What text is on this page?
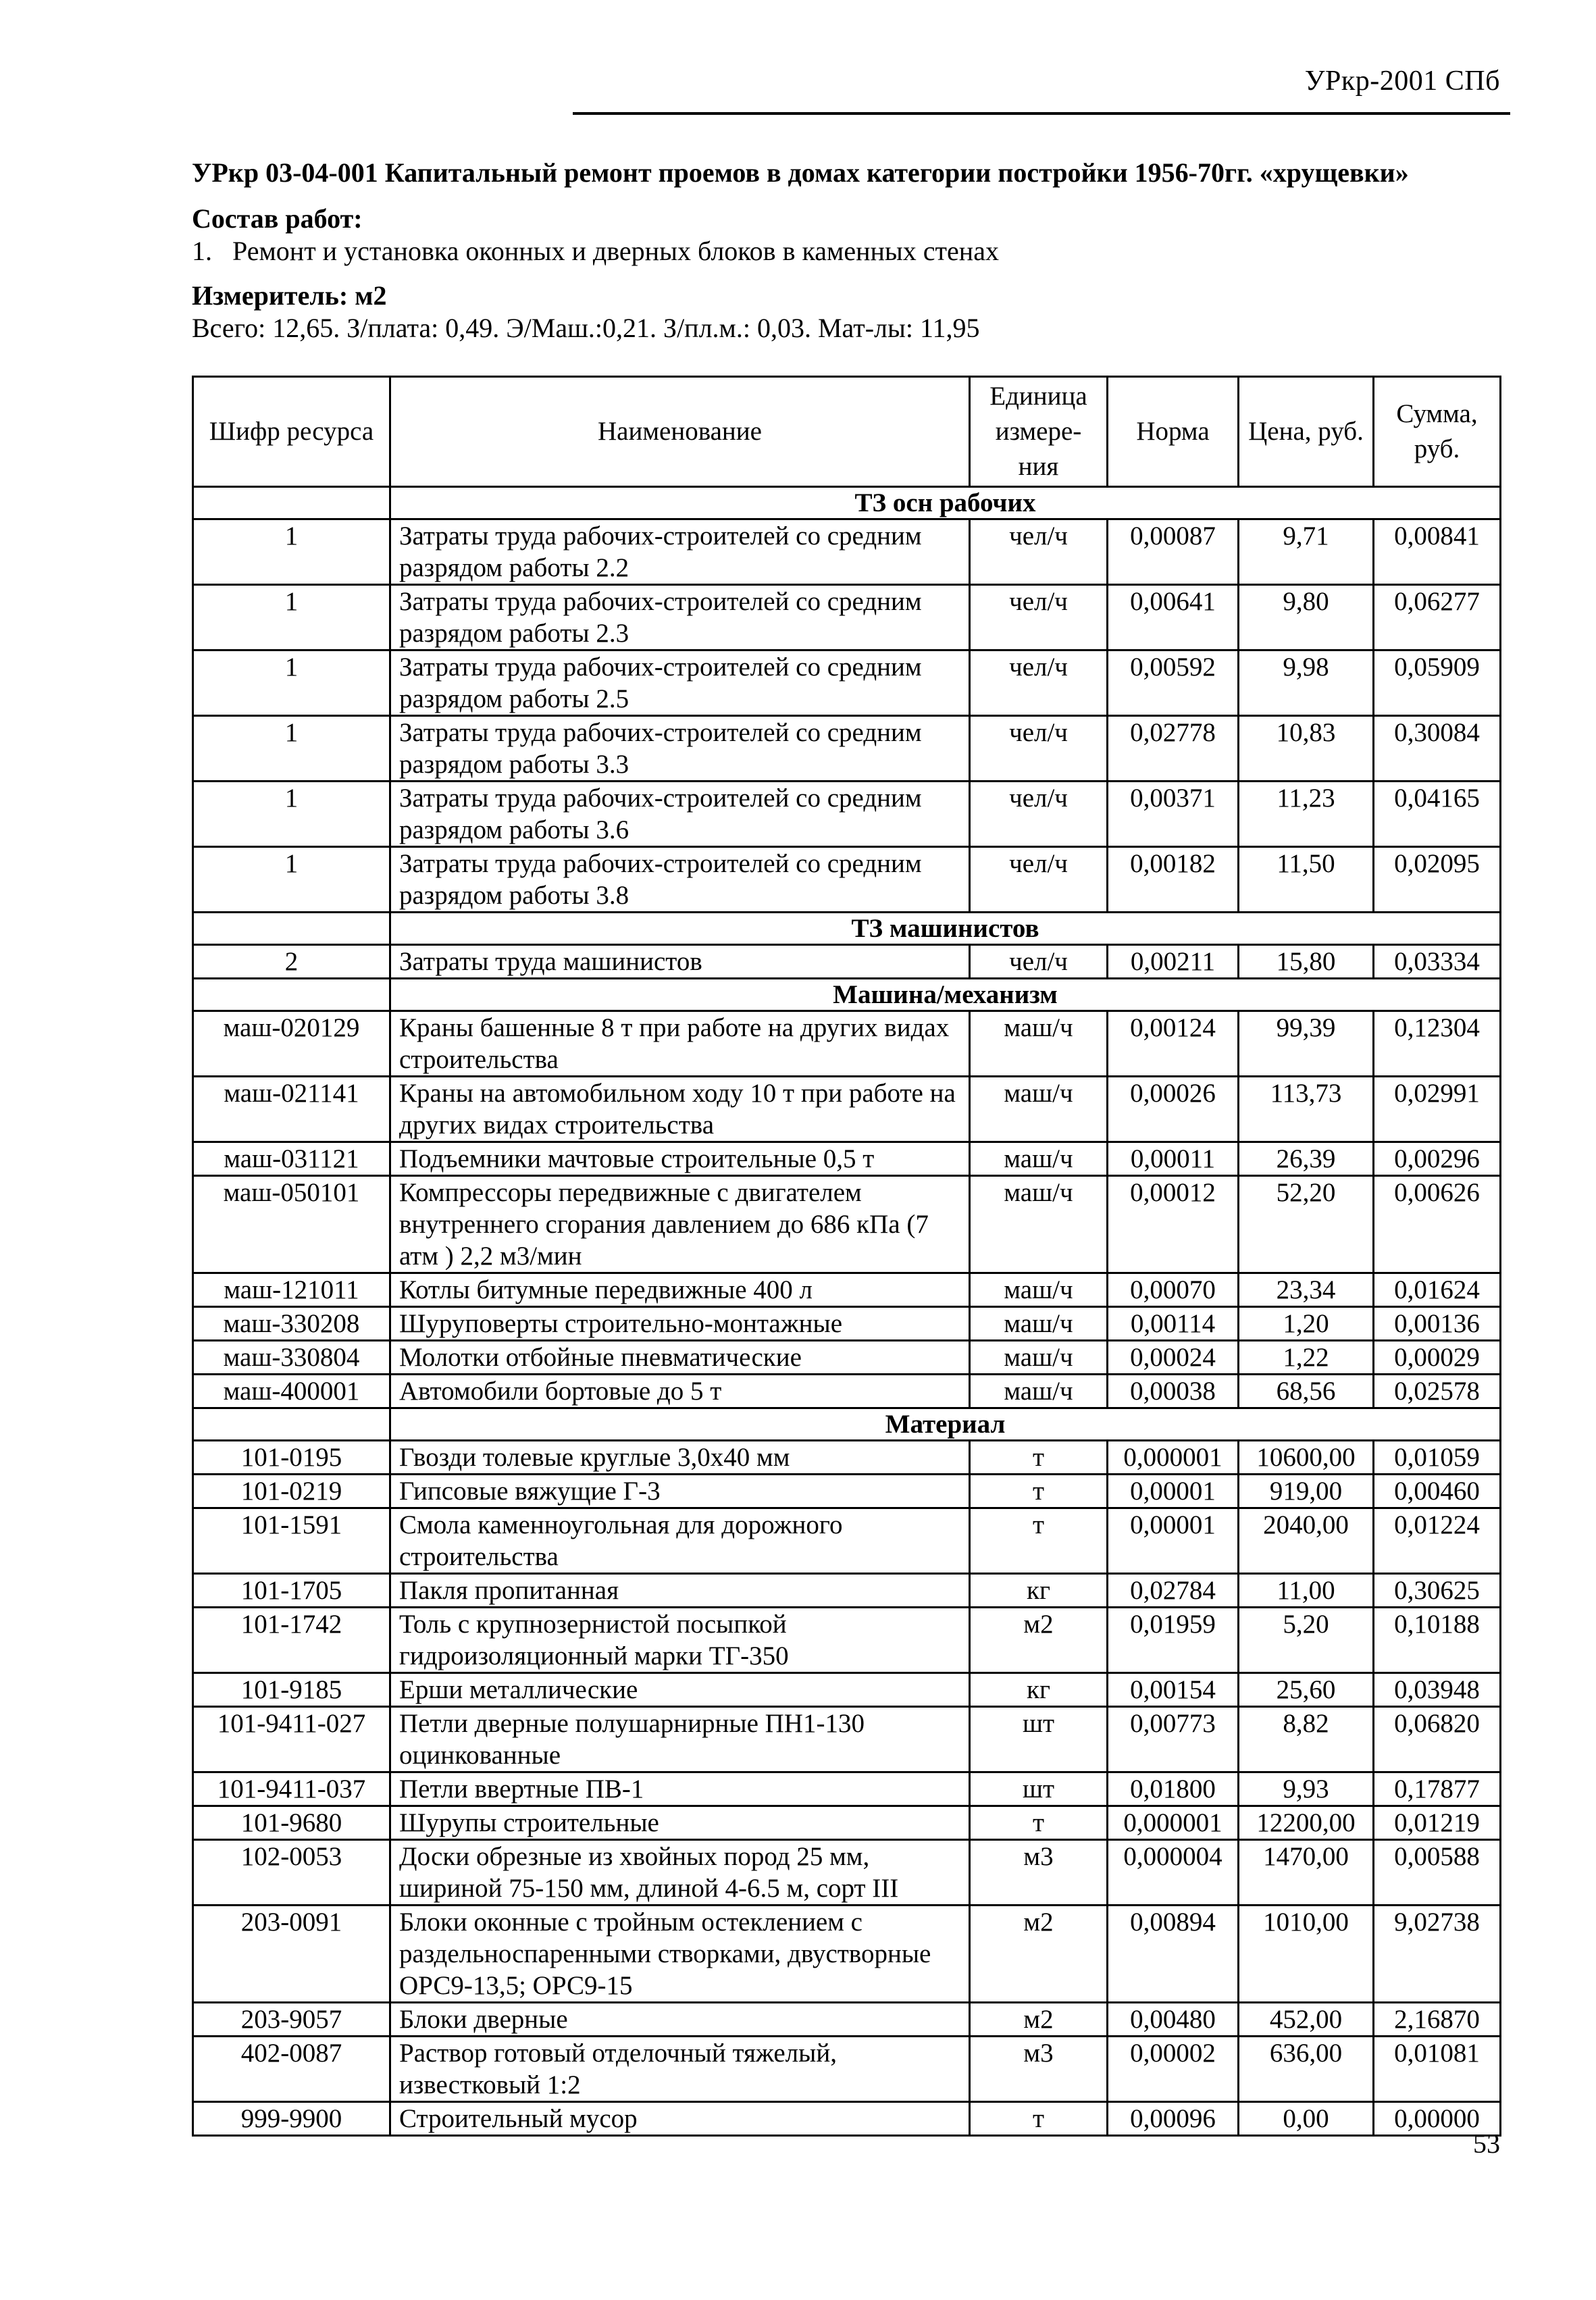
УРкр-2001 СПб
УРкр 03-04-001 Капитальный ремонт проемов в домах категории постройки 1956-70гг. «хрущевки»
Состав работ:
1.   Ремонт и установка оконных и дверных блоков в каменных стенах
Измеритель: м2
Всего: 12,65. З/плата: 0,49. Э/Маш.:0,21. З/пл.м.: 0,03. Мат-лы: 11,95
Шифр ресурса	Наименование	Единица измере-ния	Норма	Цена, руб.	Сумма, руб.
	ТЗ осн рабочих				
1	Затраты труда рабочих-строителей со средним разрядом работы 2.2	чел/ч	0,00087	9,71	0,00841
1	Затраты труда рабочих-строителей со средним разрядом работы 2.3	чел/ч	0,00641	9,80	0,06277
1	Затраты труда рабочих-строителей со средним разрядом работы 2.5	чел/ч	0,00592	9,98	0,05909
1	Затраты труда рабочих-строителей со средним разрядом работы 3.3	чел/ч	0,02778	10,83	0,30084
1	Затраты труда рабочих-строителей со средним разрядом работы 3.6	чел/ч	0,00371	11,23	0,04165
1	Затраты труда рабочих-строителей со средним разрядом работы 3.8	чел/ч	0,00182	11,50	0,02095
	ТЗ машинистов				
2	Затраты труда машинистов	чел/ч	0,00211	15,80	0,03334
	Машина/механизм				
маш-020129	Краны башенные 8 т при работе на других видах строительства	маш/ч	0,00124	99,39	0,12304
маш-021141	Краны на автомобильном ходу 10 т при работе на других видах строительства	маш/ч	0,00026	113,73	0,02991
маш-031121	Подъемники мачтовые строительные 0,5 т	маш/ч	0,00011	26,39	0,00296
маш-050101	Компрессоры передвижные с двигателем внутреннего сгорания давлением до 686 кПа (7 атм ) 2,2 м3/мин	маш/ч	0,00012	52,20	0,00626
маш-121011	Котлы битумные передвижные 400 л	маш/ч	0,00070	23,34	0,01624
маш-330208	Шуруповерты строительно-монтажные	маш/ч	0,00114	1,20	0,00136
маш-330804	Молотки отбойные пневматические	маш/ч	0,00024	1,22	0,00029
маш-400001	Автомобили бортовые до 5 т	маш/ч	0,00038	68,56	0,02578
	Материал				
101-0195	Гвозди толевые круглые 3,0х40 мм	т	0,000001	10600,00	0,01059
101-0219	Гипсовые вяжущие Г-3	т	0,00001	919,00	0,00460
101-1591	Смола каменноугольная для дорожного строительства	т	0,00001	2040,00	0,01224
101-1705	Пакля пропитанная	кг	0,02784	11,00	0,30625
101-1742	Толь с крупнозернистой посыпкой гидроизоляционный марки ТГ-350	м2	0,01959	5,20	0,10188
101-9185	Ерши металлические	кг	0,00154	25,60	0,03948
101-9411-027	Петли дверные полушарнирные ПН1-130 оцинкованные	шт	0,00773	8,82	0,06820
101-9411-037	Петли ввертные ПВ-1	шт	0,01800	9,93	0,17877
101-9680	Шурупы строительные	т	0,000001	12200,00	0,01219
102-0053	Доски обрезные из хвойных пород 25 мм, шириной 75-150 мм, длиной 4-6.5 м, сорт III	м3	0,000004	1470,00	0,00588
203-0091	Блоки оконные с тройным остеклением с раздельноспаренными створками, двустворные ОРС9-13,5; ОРС9-15	м2	0,00894	1010,00	9,02738
203-9057	Блоки дверные	м2	0,00480	452,00	2,16870
402-0087	Раствор готовый отделочный тяжелый, известковый 1:2	м3	0,00002	636,00	0,01081
999-9900	Строительный мусор	т	0,00096	0,00	0,00000
53
